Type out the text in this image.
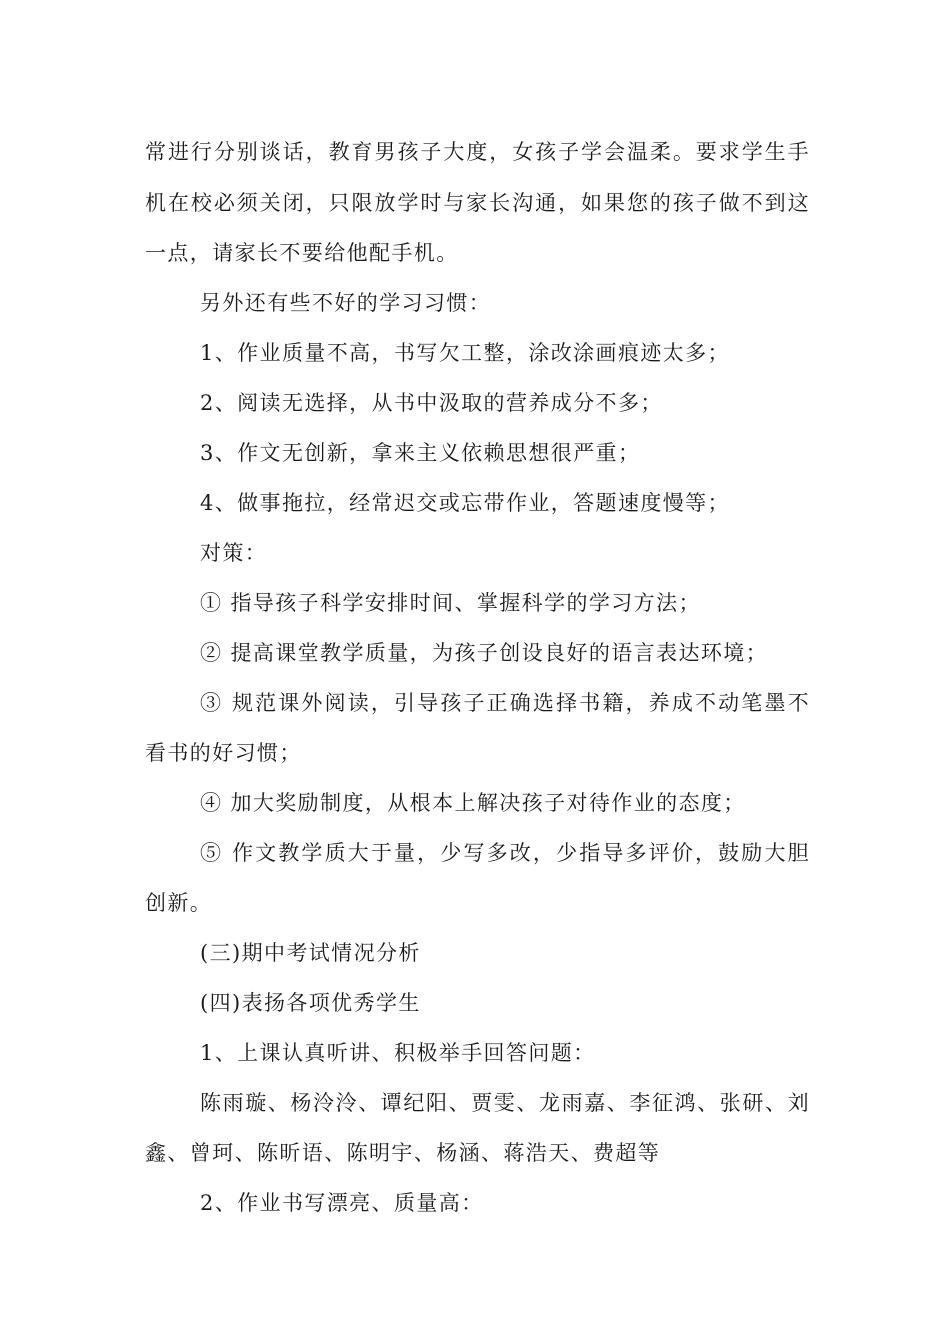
常进行分别谈话，教育男孩子大度，女孩子学会温柔。要求学生手
机在校必须关闭，只限放学时与家长沟通，如果您的孩子做不到这
一点，请家长不要给他配手机。
另外还有些不好的学习习惯：
1、作业质量不高，书写欠工整，涂改涂画痕迹太多；
2、阅读无选择，从书中汲取的营养成分不多；
3、作文无创新，拿来主义依赖思想很严重；
4、做事拖拉，经常迟交或忘带作业，答题速度慢等；
对策：
① 指导孩子科学安排时间、掌握科学的学习方法；
② 提高课堂教学质量，为孩子创设良好的语言表达环境；
③ 规范课外阅读，引导孩子正确选择书籍，养成不动笔墨不
看书的好习惯；
④ 加大奖励制度，从根本上解决孩子对待作业的态度；
⑤ 作文教学质大于量，少写多改，少指导多评价，鼓励大胆
创新。
(三)期中考试情况分析
(四)表扬各项优秀学生
1、上课认真听讲、积极举手回答问题：
陈雨璇、杨泠泠、谭纪阳、贾雯、龙雨嘉、李征鸿、张研、刘
鑫、曾珂、陈昕语、陈明宇、杨涵、蒋浩天、费超等
2、作业书写漂亮、质量高：
